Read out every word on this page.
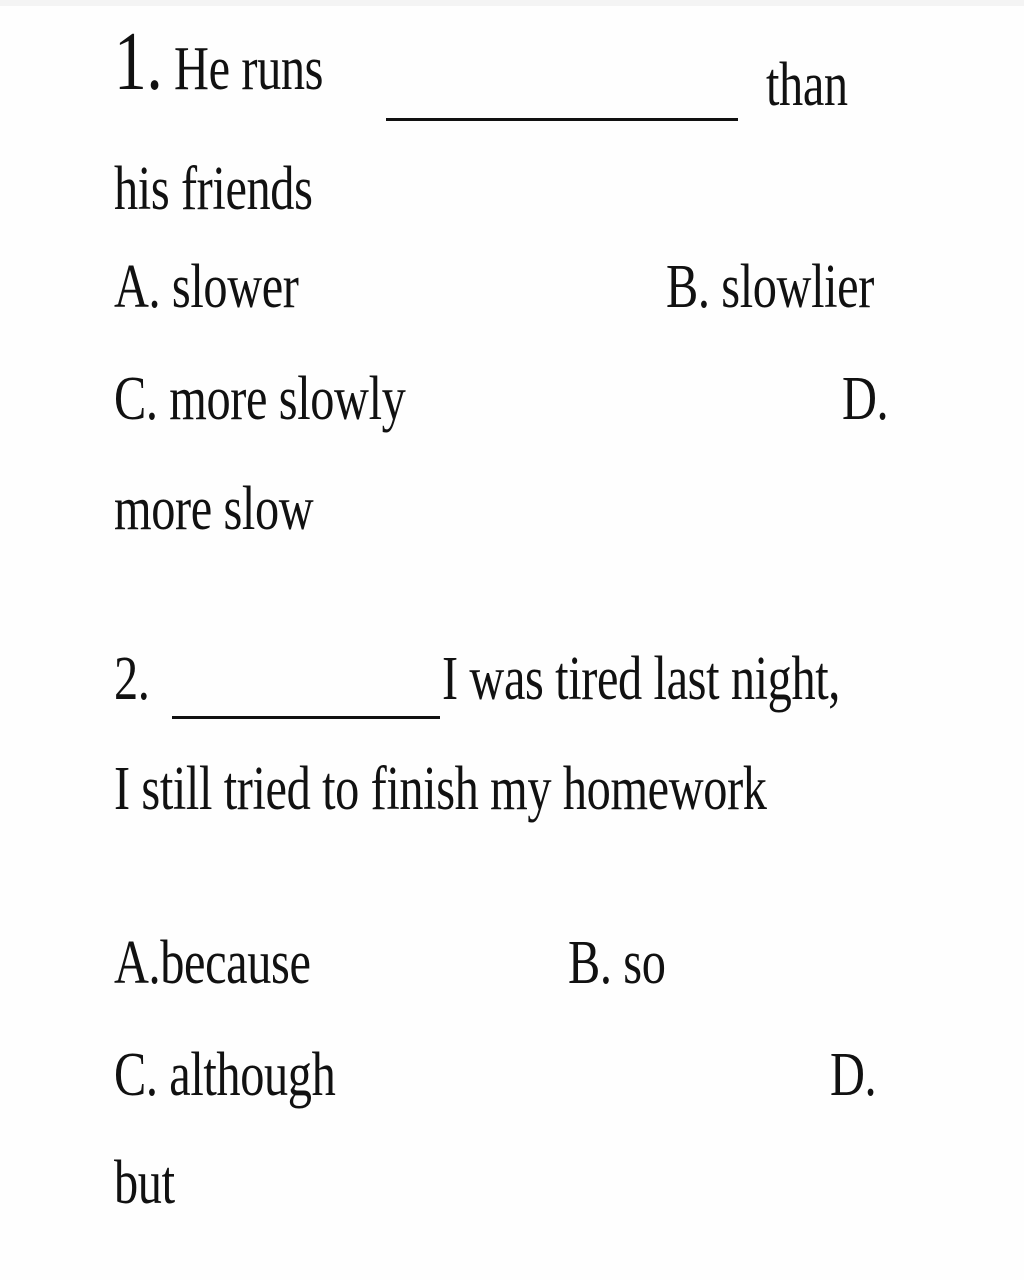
1. He runs	than
his friends
A. slower	B. slowlier
C. more slowly	D.
more slow
2.	I was tired last night,
I still tried to finish my homework
A.because	B. so
C. although	D.
but
